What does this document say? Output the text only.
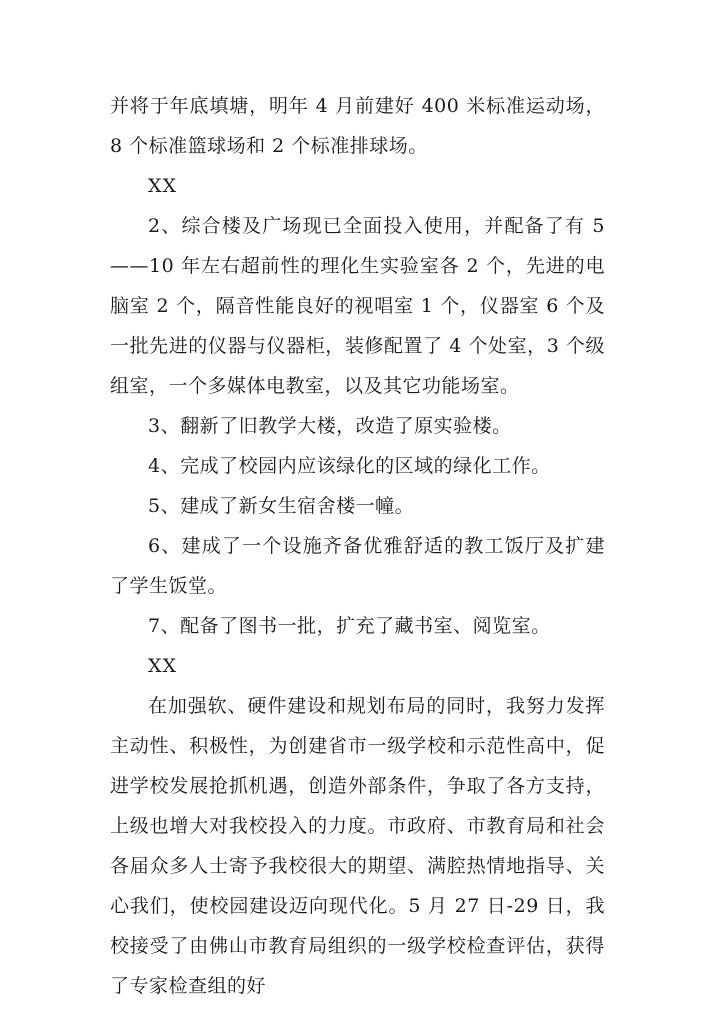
并将于年底填塘，明年 4 月前建好 400 米标准运动场，8 个标准篮球场和 2 个标准排球场。

XX

2、综合楼及广场现已全面投入使用，并配备了有 5——10 年左右超前性的理化生实验室各 2 个，先进的电脑室 2 个，隔音性能良好的视唱室 1 个，仪器室 6 个及一批先进的仪器与仪器柜，装修配置了 4 个处室，3 个级组室，一个多媒体电教室，以及其它功能场室。

3、翻新了旧教学大楼，改造了原实验楼。

4、完成了校园内应该绿化的区域的绿化工作。

5、建成了新女生宿舍楼一幢。

6、建成了一个设施齐备优雅舒适的教工饭厅及扩建了学生饭堂。

7、配备了图书一批，扩充了藏书室、阅览室。

XX

在加强软、硬件建设和规划布局的同时，我努力发挥主动性、积极性，为创建省市一级学校和示范性高中，促进学校发展抢抓机遇，创造外部条件，争取了各方支持，上级也增大对我校投入的力度。市政府、市教育局和社会各届众多人士寄予我校很大的期望、满腔热情地指导、关心我们，使校园建设迈向现代化。5 月 27 日-29 日，我校接受了由佛山市教育局组织的一级学校检查评估，获得了专家检查组的好
